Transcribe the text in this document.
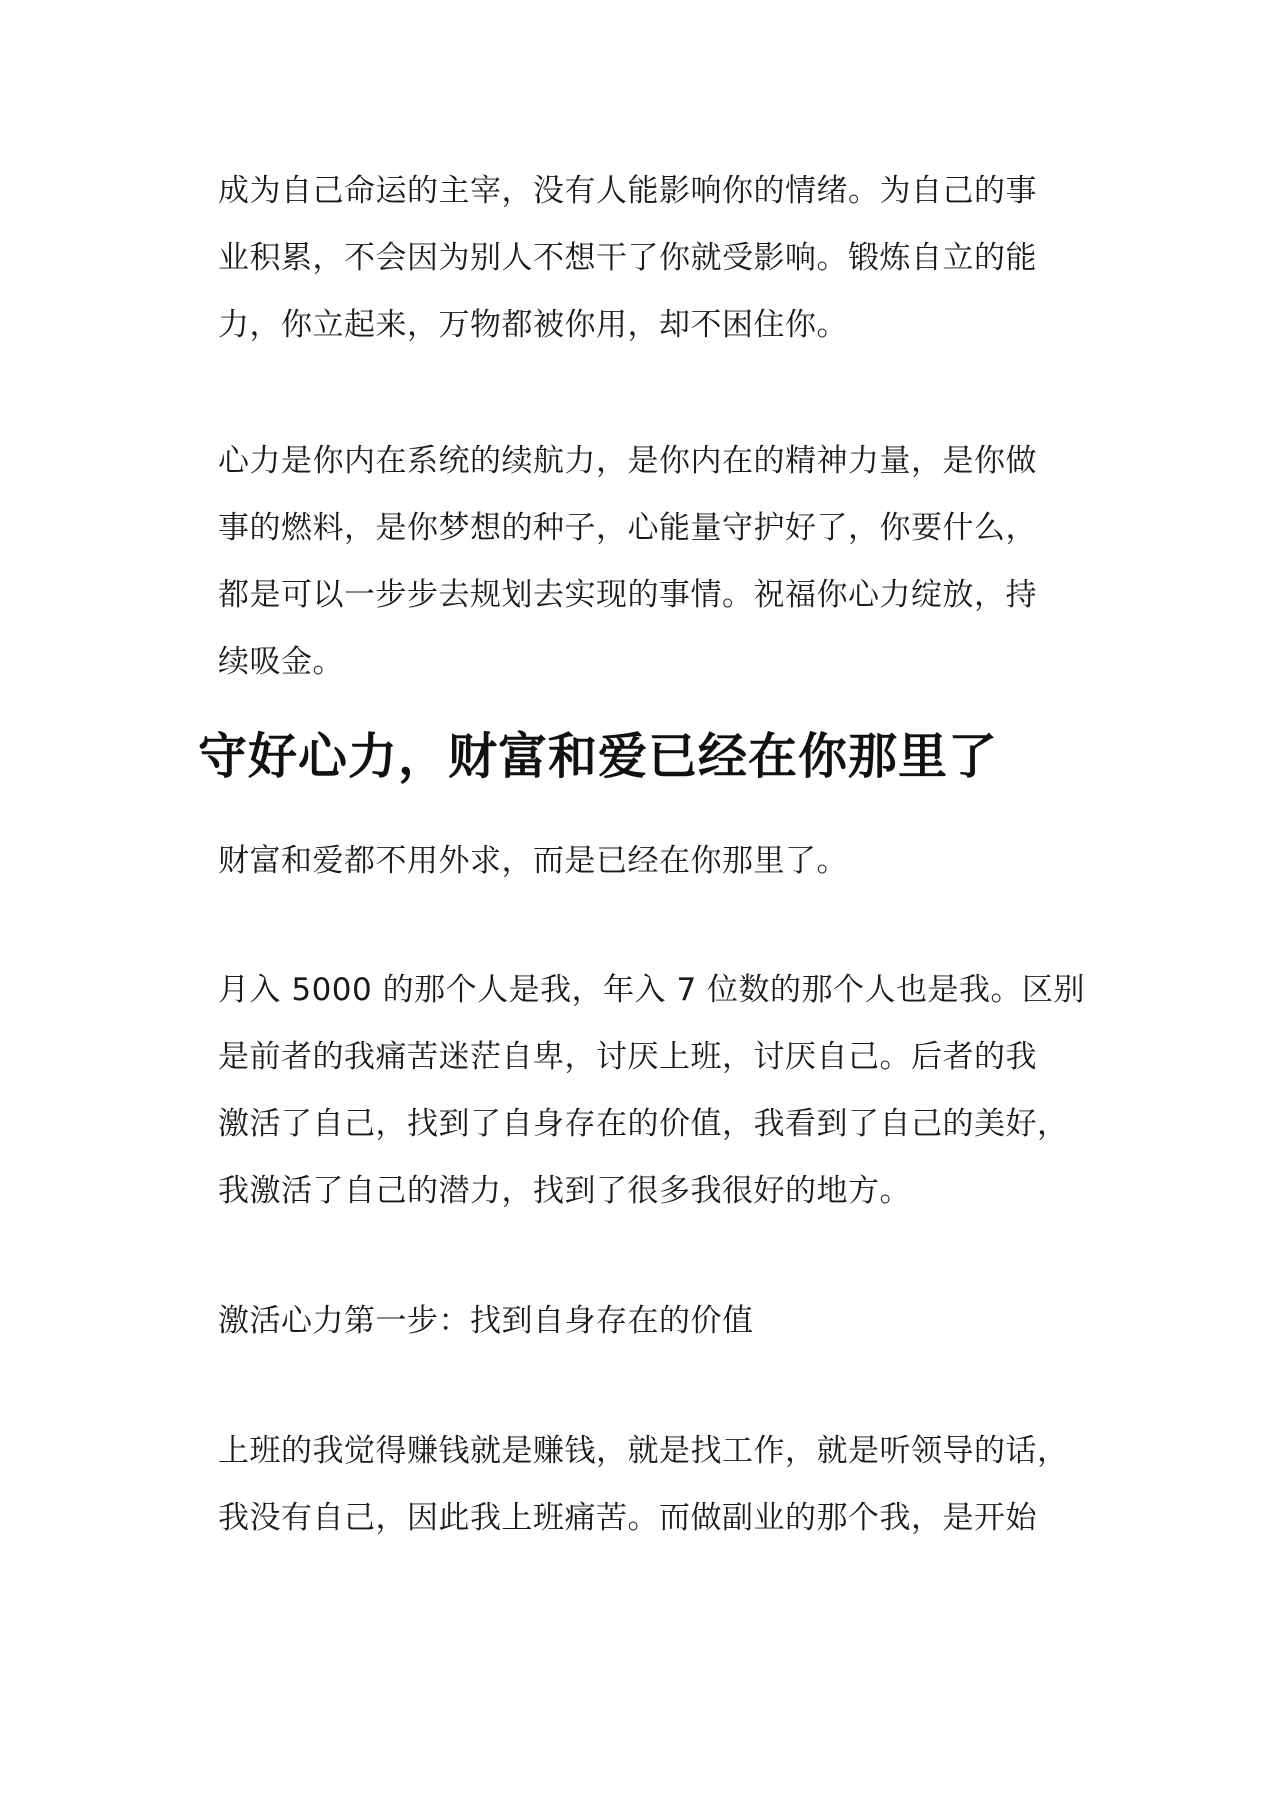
成为自己命运的主宰，没有人能影响你的情绪。为自己的事
业积累，不会因为别人不想干了你就受影响。锻炼自立的能
力，你立起来，万物都被你用，却不困住你。

心力是你内在系统的续航力，是你内在的精神力量，是你做
事的燃料，是你梦想的种子，心能量守护好了，你要什么，
都是可以一步步去规划去实现的事情。祝福你心力绽放，持
续吸金。

守好心力，财富和爱已经在你那里了

财富和爱都不用外求，而是已经在你那里了。

月入 5000 的那个人是我，年入 7 位数的那个人也是我。区别
是前者的我痛苦迷茫自卑，讨厌上班，讨厌自己。后者的我
激活了自己，找到了自身存在的价值，我看到了自己的美好，
我激活了自己的潜力，找到了很多我很好的地方。

激活心力第一步：找到自身存在的价值

上班的我觉得赚钱就是赚钱，就是找工作，就是听领导的话，
我没有自己，因此我上班痛苦。而做副业的那个我，是开始
